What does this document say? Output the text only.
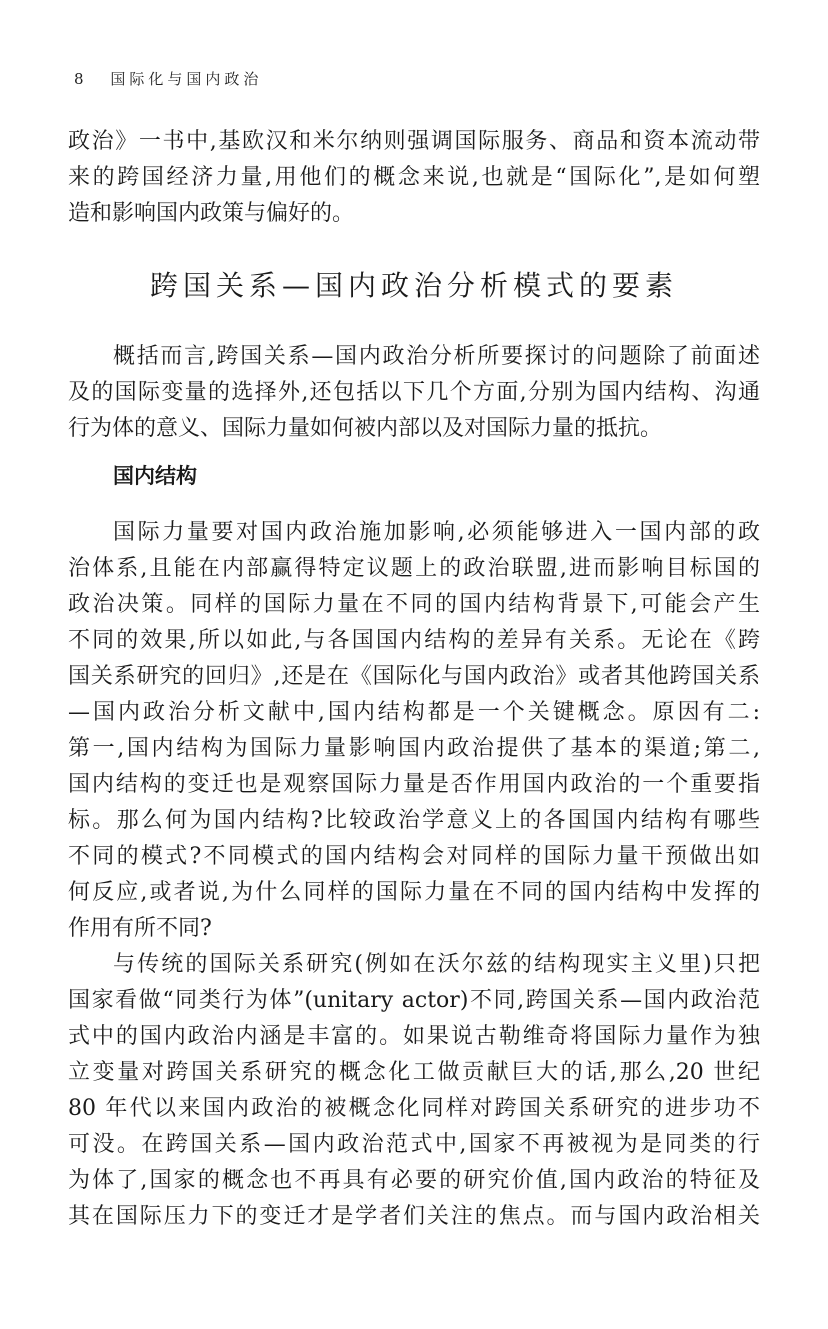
8 国际化与国内政治
政治》一书中,基欧汉和米尔纳则强调国际服务、商品和资本流动带
来的跨国经济力量,用他们的概念来说,也就是“国际化”,是如何塑
造和影响国内政策与偏好的。
跨国关系—国内政治分析模式的要素
概括而言,跨国关系—国内政治分析所要探讨的问题除了前面述
及的国际变量的选择外,还包括以下几个方面,分别为国内结构、沟通
行为体的意义、国际力量如何被内部以及对国际力量的抵抗。
国内结构
国际力量要对国内政治施加影响,必须能够进入一国内部的政
治体系,且能在内部赢得特定议题上的政治联盟,进而影响目标国的
政治决策。同样的国际力量在不同的国内结构背景下,可能会产生
不同的效果,所以如此,与各国国内结构的差异有关系。无论在《跨
国关系研究的回归》,还是在《国际化与国内政治》或者其他跨国关系
—国内政治分析文献中,国内结构都是一个关键概念。原因有二:
第一,国内结构为国际力量影响国内政治提供了基本的渠道;第二,
国内结构的变迁也是观察国际力量是否作用国内政治的一个重要指
标。那么何为国内结构?比较政治学意义上的各国国内结构有哪些
不同的模式?不同模式的国内结构会对同样的国际力量干预做出如
何反应,或者说,为什么同样的国际力量在不同的国内结构中发挥的
作用有所不同?
与传统的国际关系研究(例如在沃尔兹的结构现实主义里)只把
国家看做“同类行为体”(unitary actor)不同,跨国关系—国内政治范
式中的国内政治内涵是丰富的。如果说古勒维奇将国际力量作为独
立变量对跨国关系研究的概念化工做贡献巨大的话,那么,20 世纪
80 年代以来国内政治的被概念化同样对跨国关系研究的进步功不
可没。在跨国关系—国内政治范式中,国家不再被视为是同类的行
为体了,国家的概念也不再具有必要的研究价值,国内政治的特征及
其在国际压力下的变迁才是学者们关注的焦点。而与国内政治相关
